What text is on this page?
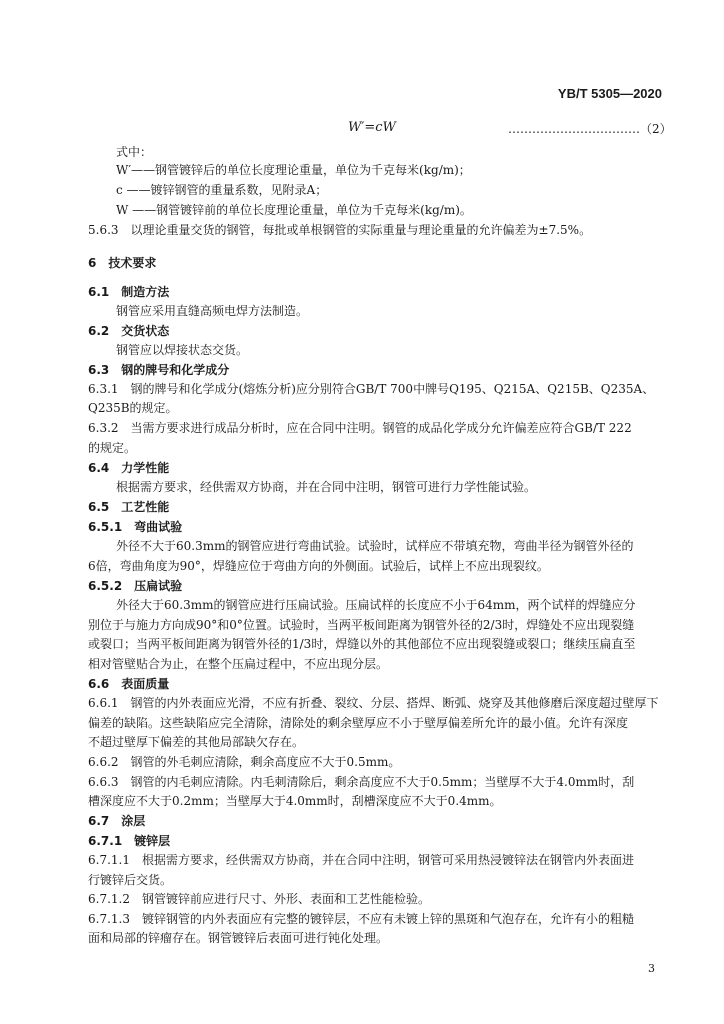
YB/T 5305—2020
W′=cW	……………………………（2）
式中：
W′——钢管镀锌后的单位长度理论重量，单位为千克每米(kg/m)；
c ——镀锌钢管的重量系数，见附录A；
W ——钢管镀锌前的单位长度理论重量，单位为千克每米(kg/m)。
5.6.3　以理论重量交货的钢管，每批或单根钢管的实际重量与理论重量的允许偏差为±7.5%。
6　技术要求
6.1　制造方法
钢管应采用直缝高频电焊方法制造。
6.2　交货状态
钢管应以焊接状态交货。
6.3　钢的牌号和化学成分
6.3.1　钢的牌号和化学成分(熔炼分析)应分别符合GB/T 700中牌号Q195、Q215A、Q215B、Q235A、
Q235B的规定。
6.3.2　当需方要求进行成品分析时，应在合同中注明。钢管的成品化学成分允许偏差应符合GB/T 222
的规定。
6.4　力学性能
根据需方要求，经供需双方协商，并在合同中注明，钢管可进行力学性能试验。
6.5　工艺性能
6.5.1　弯曲试验
外径不大于60.3mm的钢管应进行弯曲试验。试验时，试样应不带填充物，弯曲半径为钢管外径的
6倍，弯曲角度为90°，焊缝应位于弯曲方向的外侧面。试验后，试样上不应出现裂纹。
6.5.2　压扁试验
外径大于60.3mm的钢管应进行压扁试验。压扁试样的长度应不小于64mm，两个试样的焊缝应分
别位于与施力方向成90°和0°位置。试验时，当两平板间距离为钢管外径的2/3时，焊缝处不应出现裂缝
或裂口；当两平板间距离为钢管外径的1/3时，焊缝以外的其他部位不应出现裂缝或裂口；继续压扁直至
相对管壁贴合为止，在整个压扁过程中，不应出现分层。
6.6　表面质量
6.6.1　钢管的内外表面应光滑，不应有折叠、裂纹、分层、搭焊、断弧、烧穿及其他修磨后深度超过壁厚下
偏差的缺陷。这些缺陷应完全清除，清除处的剩余壁厚应不小于壁厚偏差所允许的最小值。允许有深度
不超过壁厚下偏差的其他局部缺欠存在。
6.6.2　钢管的外毛刺应清除，剩余高度应不大于0.5mm。
6.6.3　钢管的内毛刺应清除。内毛刺清除后，剩余高度应不大于0.5mm；当壁厚不大于4.0mm时，刮
槽深度应不大于0.2mm；当壁厚大于4.0mm时，刮槽深度应不大于0.4mm。
6.7　涂层
6.7.1　镀锌层
6.7.1.1　根据需方要求，经供需双方协商，并在合同中注明，钢管可采用热浸镀锌法在钢管内外表面进
行镀锌后交货。
6.7.1.2　钢管镀锌前应进行尺寸、外形、表面和工艺性能检验。
6.7.1.3　镀锌钢管的内外表面应有完整的镀锌层，不应有未镀上锌的黑斑和气泡存在，允许有小的粗糙
面和局部的锌瘤存在。钢管镀锌后表面可进行钝化处理。
3
